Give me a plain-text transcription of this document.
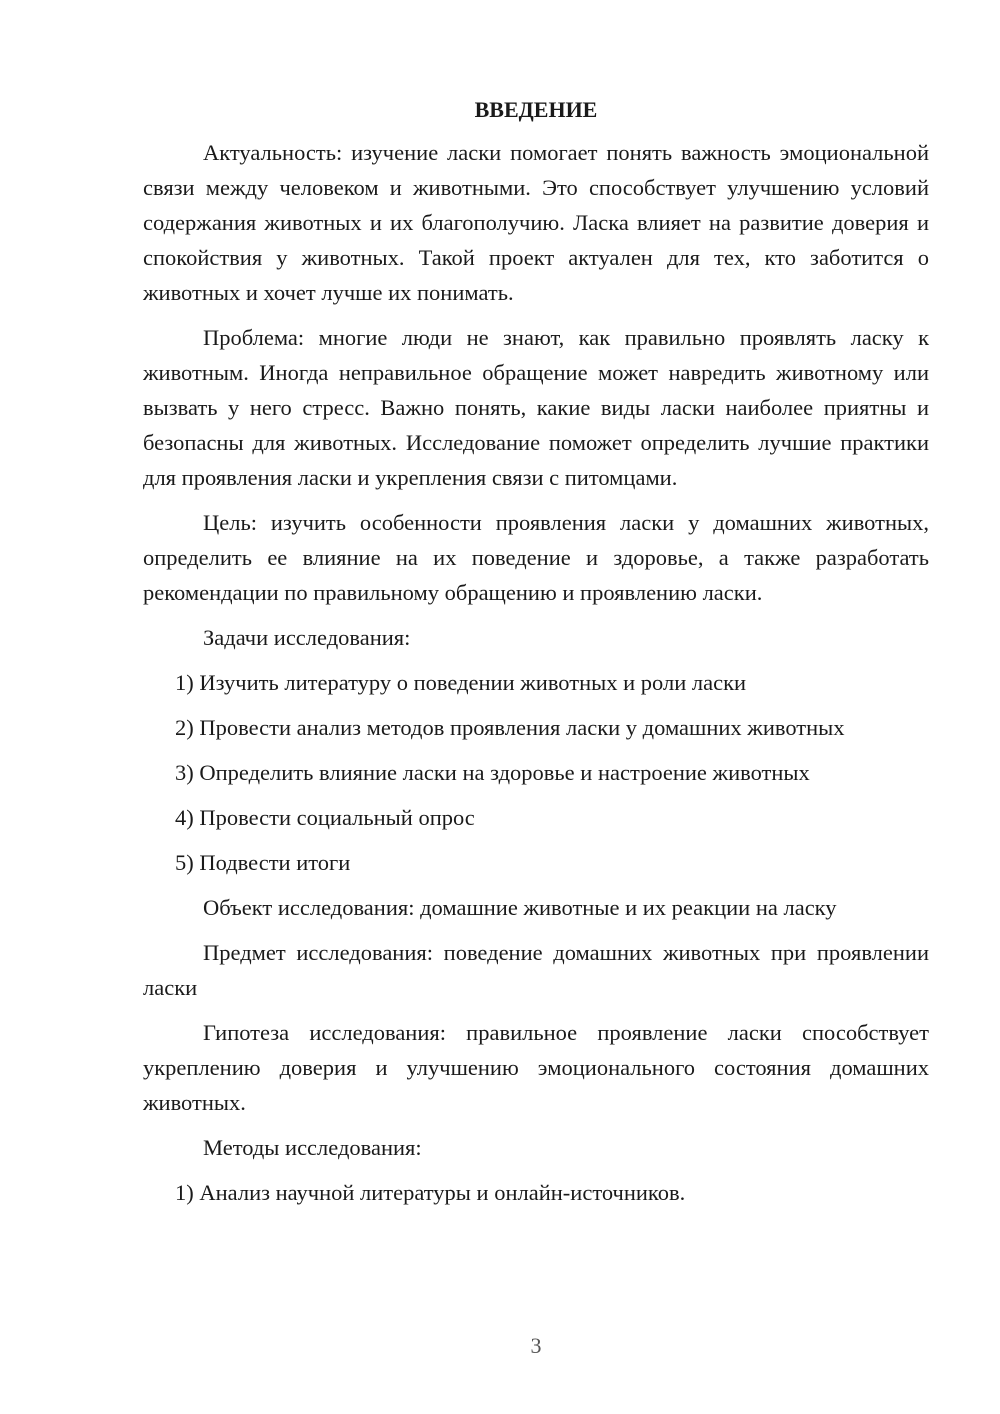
ВВЕДЕНИЕ

Актуальность: изучение ласки помогает понять важность эмоциональной связи между человеком и животными. Это способствует улучшению условий содержания животных и их благополучию. Ласка влияет на развитие доверия и спокойствия у животных. Такой проект актуален для тех, кто заботится о животных и хочет лучше их понимать.

Проблема: многие люди не знают, как правильно проявлять ласку к животным. Иногда неправильное обращение может навредить животному или вызвать у него стресс. Важно понять, какие виды ласки наиболее приятны и безопасны для животных. Исследование поможет определить лучшие практики для проявления ласки и укрепления связи с питомцами.

Цель: изучить особенности проявления ласки у домашних животных, определить ее влияние на их поведение и здоровье, а также разработать рекомендации по правильному обращению и проявлению ласки.

Задачи исследования:

1) Изучить литературу о поведении животных и роли ласки

2) Провести анализ методов проявления ласки у домашних животных

3) Определить влияние ласки на здоровье и настроение животных

4) Провести социальный опрос

5) Подвести итоги

Объект исследования: домашние животные и их реакции на ласку

Предмет исследования: поведение домашних животных при проявлении ласки

Гипотеза исследования: правильное проявление ласки способствует укреплению доверия и улучшению эмоционального состояния домашних животных.

Методы исследования:

1) Анализ научной литературы и онлайн-источников.

3
